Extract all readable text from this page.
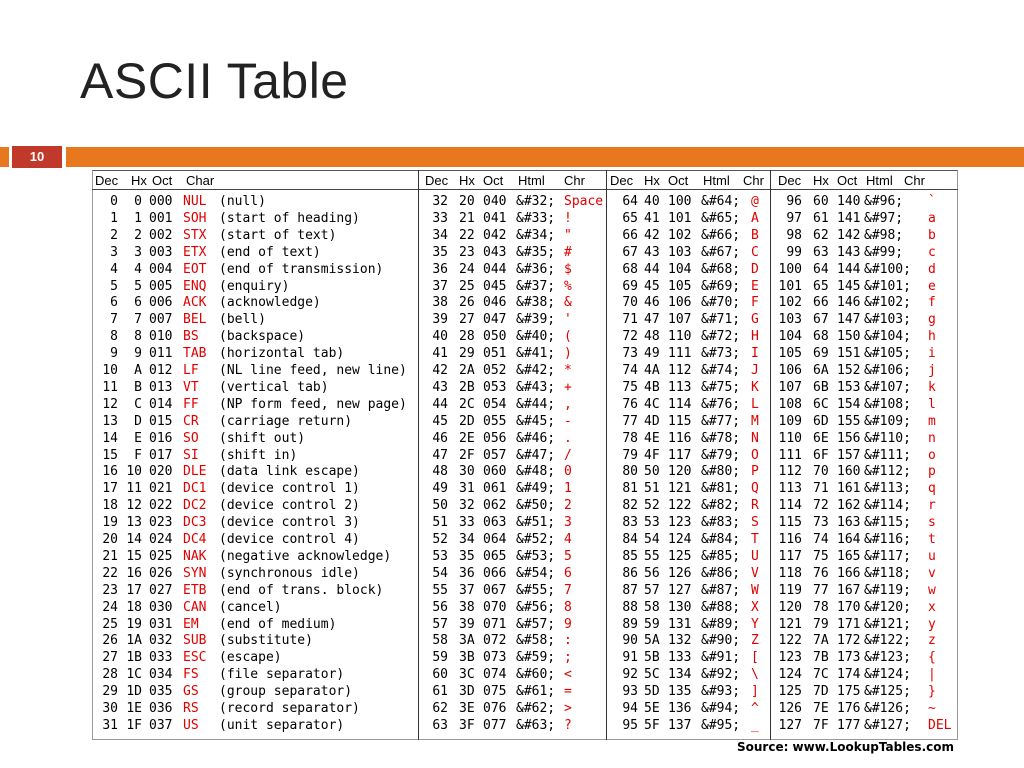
ASCII Table
10
Dec Hx Oct Char	Dec Hx Oct Html Chr Dec Hx Oct Html Chr Dec Hx Oct Html Chr
0	0 000 NUL (null)	32 20 040 &#32; Space	64 40 100 &#64; @	96 60 140 &#96; `
1	1 001 SOH (start of heading)	33 21 041 &#33; !	65 41 101 &#65; A	97 61 141 &#97; a
2	2 002 STX (start of text)	34 22 042 &#34; "	66 42 102 &#66; B	98 62 142 &#98; b
3	3 003 ETX (end of text)	35 23 043 &#35; #	67 43 103 &#67; C	99 63 143 &#99; c
4	4 004 EOT (end of transmission)	36 24 044 &#36; $	68 44 104 &#68; D	100 64 144 &#100; d
5	5 005 ENQ (enquiry)	37 25 045 &#37; %	69 45 105 &#69; E	101 65 145 &#101; e
6	6 006 ACK (acknowledge)	38 26 046 &#38; &	70 46 106 &#70; F	102 66 146 &#102; f
7	7 007 BEL (bell)	39 27 047 &#39; '	71 47 107 &#71; G	103 67 147 &#103; g
8	8 010 BS (backspace)	40 28 050 &#40; (	72 48 110 &#72; H	104 68 150 &#104; h
9	9 011 TAB (horizontal tab)	41 29 051 &#41; )	73 49 111 &#73; I	105 69 151 &#105; i
10	A 012 LF (NL line feed, new line)	42 2A 052 &#42; *	74 4A 112 &#74; J	106 6A 152 &#106; j
11	B 013 VT (vertical tab)	43 2B 053 &#43; +	75 4B 113 &#75; K	107 6B 153 &#107; k
12	C 014 FF (NP form feed, new page)	44 2C 054 &#44; ,	76 4C 114 &#76; L	108 6C 154 &#108; l
13	D 015 CR (carriage return)	45 2D 055 &#45; -	77 4D 115 &#77; M	109 6D 155 &#109; m
14	E 016 SO (shift out)	46 2E 056 &#46; .	78 4E 116 &#78; N	110 6E 156 &#110; n
15	F 017 SI (shift in)	47 2F 057 &#47; /	79 4F 117 &#79; O	111 6F 157 &#111; o
16 10 020 DLE (data link escape)	48 30 060 &#48; 0	80 50 120 &#80; P	112 70 160 &#112; p
17 11 021 DC1 (device control 1)	49 31 061 &#49; 1	81 51 121 &#81; Q	113 71 161 &#113; q
18 12 022 DC2 (device control 2)	50 32 062 &#50; 2	82 52 122 &#82; R	114 72 162 &#114; r
19 13 023 DC3 (device control 3)	51 33 063 &#51; 3	83 53 123 &#83; S	115 73 163 &#115; s
20 14 024 DC4 (device control 4)	52 34 064 &#52; 4	84 54 124 &#84; T	116 74 164 &#116; t
21 15 025 NAK (negative acknowledge)	53 35 065 &#53; 5	85 55 125 &#85; U	117 75 165 &#117; u
22 16 026 SYN (synchronous idle)	54 36 066 &#54; 6	86 56 126 &#86; V	118 76 166 &#118; v
23 17 027 ETB (end of trans. block)	55 37 067 &#55; 7	87 57 127 &#87; W	119 77 167 &#119; w
24 18 030 CAN (cancel)	56 38 070 &#56; 8	88 58 130 &#88; X	120 78 170 &#120; x
25 19 031 EM (end of medium)	57 39 071 &#57; 9	89 59 131 &#89; Y	121 79 171 &#121; y
26 1A 032 SUB (substitute)	58 3A 072 &#58; :	90 5A 132 &#90; Z	122 7A 172 &#122; z
27 1B 033 ESC (escape)	59 3B 073 &#59; ;	91 5B 133 &#91; [	123 7B 173 &#123; {
28 1C 034 FS (file separator)	60 3C 074 &#60; <	92 5C 134 &#92; \	124 7C 174 &#124; |
29 1D 035 GS (group separator)	61 3D 075 &#61; =	93 5D 135 &#93; ]	125 7D 175 &#125; }
30 1E 036 RS (record separator)	62 3E 076 &#62; >	94 5E 136 &#94; ^	126 7E 176 &#126; ~
31 1F 037 US (unit separator)	63 3F 077 &#63; ?	95 5F 137 &#95; _	127 7F 177 &#127; DEL
Source: www.LookupTables.com
